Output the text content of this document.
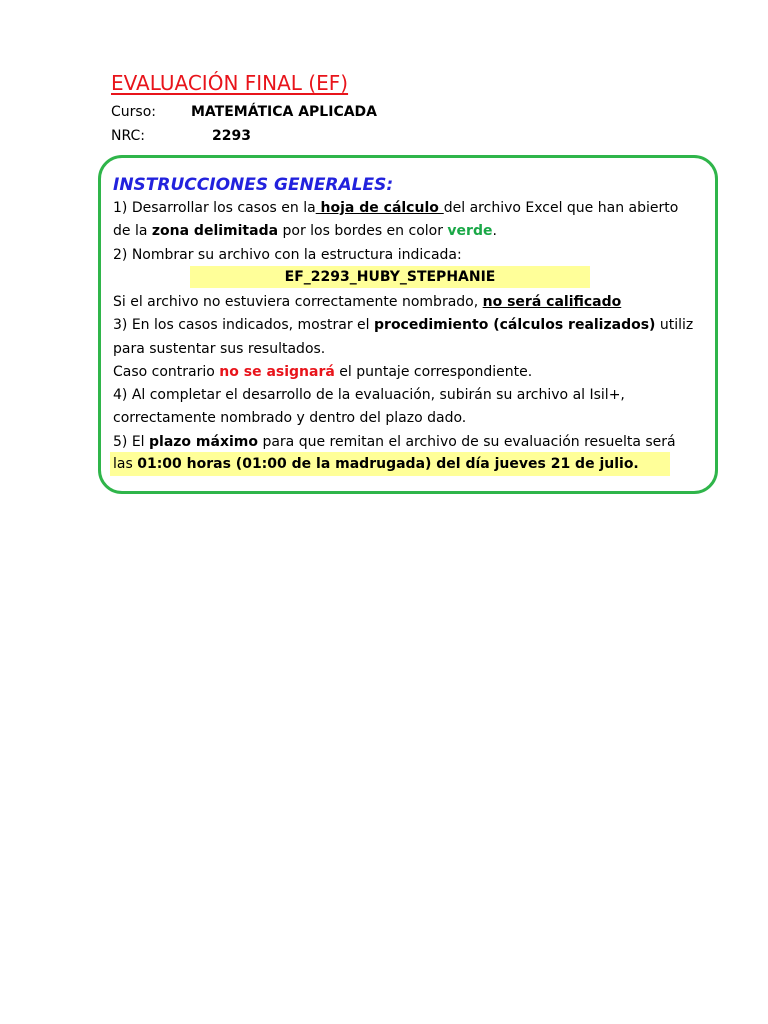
EVALUACIÓN FINAL (EF)
Curso:	MATEMÁTICA APLICADA
NRC:	2293
INSTRUCCIONES GENERALES:
1) Desarrollar los casos en la hoja de cálculo del archivo Excel que han abierto
de la zona delimitada por los bordes en color verde.
2) Nombrar su archivo con la estructura indicada:
EF_2293_HUBY_STEPHANIE
Si el archivo no estuviera correctamente nombrado, no será calificado
3) En los casos indicados, mostrar el procedimiento (cálculos realizados) utiliz
para sustentar sus resultados.
Caso contrario no se asignará el puntaje correspondiente.
4) Al completar el desarrollo de la evaluación, subirán su archivo al Isil+,
correctamente nombrado y dentro del plazo dado.
5) El plazo máximo para que remitan el archivo de su evaluación resuelta será
las 01:00 horas (01:00 de la madrugada) del día jueves 21 de julio.
